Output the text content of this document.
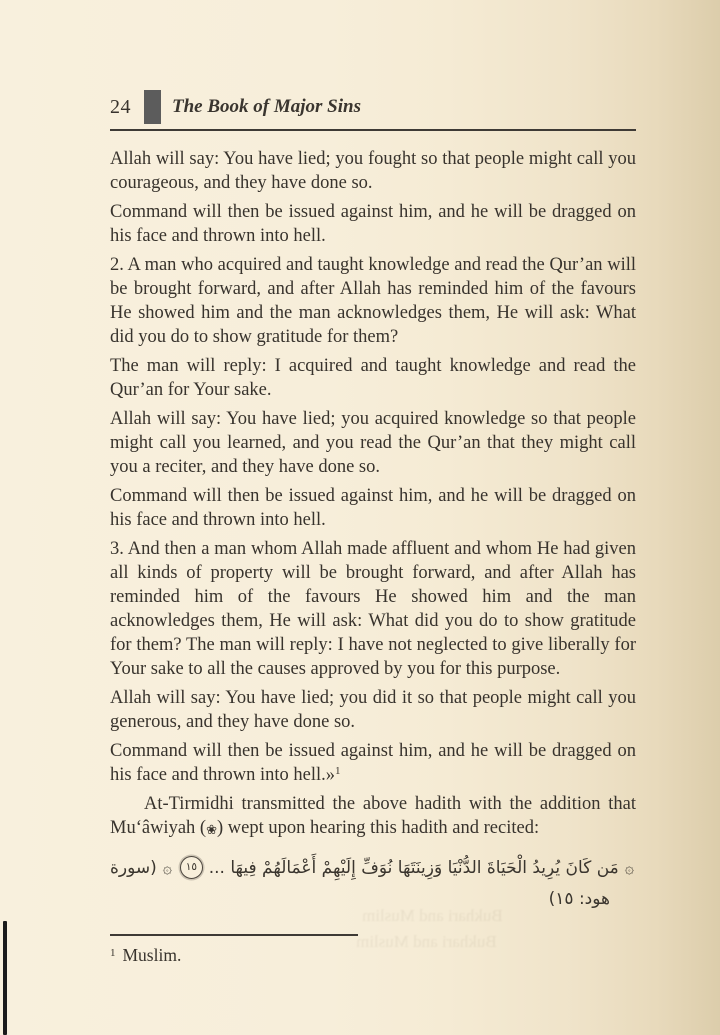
Bukhari and Muslim
Bukhari and Muslim
24 The Book of Major Sins

Allah will say: You have lied; you fought so that people might call you courageous, and they have done so.

Command will then be issued against him, and he will be dragged on his face and thrown into hell.

2. A man who acquired and taught knowledge and read the Qur’an will be brought forward, and after Allah has reminded him of the favours He showed him and the man acknowledges them, He will ask: What did you do to show gratitude for them?

The man will reply: I acquired and taught knowledge and read the Qur’an for Your sake.

Allah will say: You have lied; you acquired knowledge so that people might call you learned, and you read the Qur’an that they might call you a reciter, and they have done so.

Command will then be issued against him, and he will be dragged on his face and thrown into hell.

3. And then a man whom Allah made affluent and whom He had given all kinds of property will be brought forward, and after Allah has reminded him of the favours He showed him and the man acknowledges them, He will ask: What did you do to show gratitude for them? The man will reply: I have not neglected to give liberally for Your sake to all the causes approved by you for this purpose.

Allah will say: You have lied; you did it so that people might call you generous, and they have done so.

Command will then be issued against him, and he will be dragged on his face and thrown into hell.»$^1$

At-Tirmidhi transmitted the above hadith with the addition that Mu‘âwiyah (❀) wept upon hearing this hadith and recited:

۞
مَن كَانَ يُرِيدُ الْحَيَاةَ الدُّنْيَا وَزِينَتَهَا نُوَفِّ إِلَيْهِمْ أَعْمَالَهُمْ فِيهَا ...
١٥
۞
(سورة
هود: ١٥)
$^1$ Muslim.
